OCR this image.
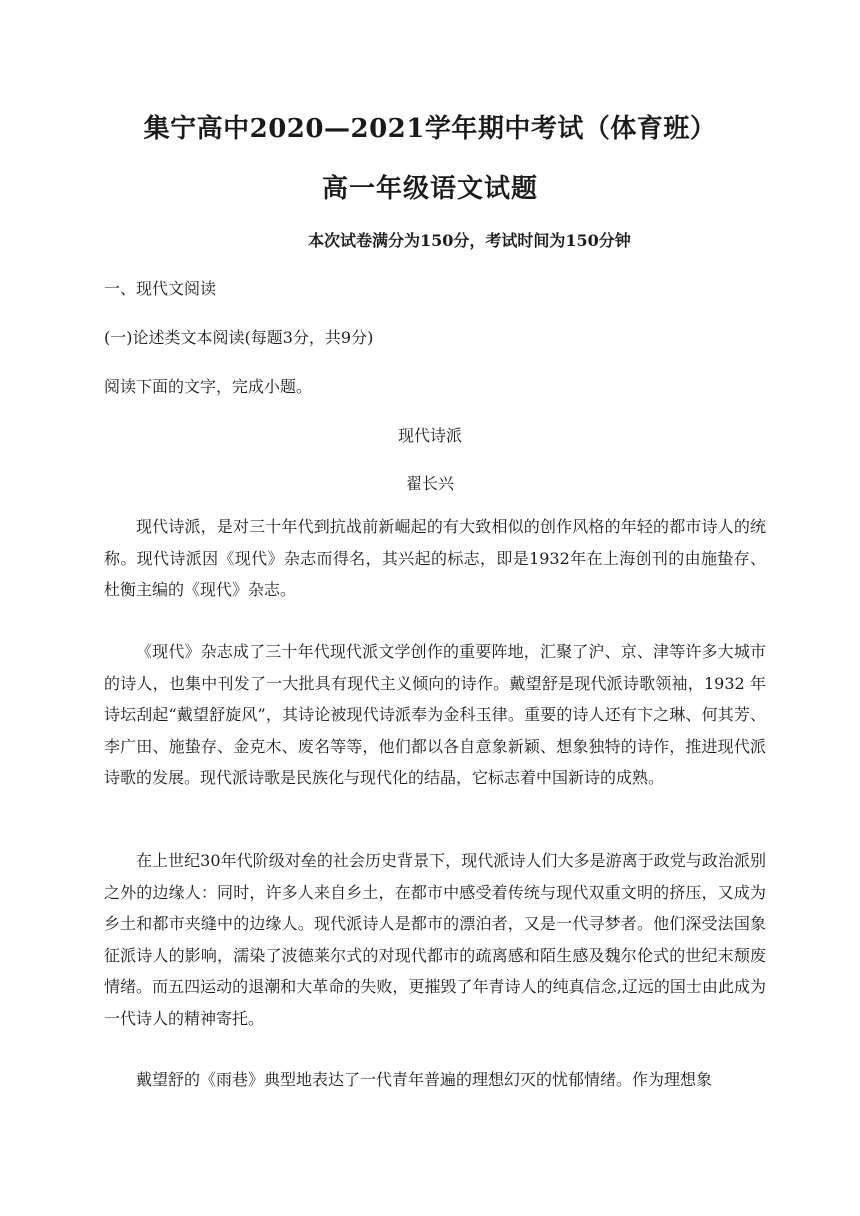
集宁高中2020—2021学年期中考试（体育班）
高一年级语文试题
本次试卷满分为150分，考试时间为150分钟
一、现代文阅读
(一)论述类文本阅读(每题3分，共9分)
阅读下面的文字，完成小题。
现代诗派
翟长兴
现代诗派，是对三十年代到抗战前新崛起的有大致相似的创作风格的年轻的都市诗人的统称。现代诗派因《现代》杂志而得名，其兴起的标志，即是1932年在上海创刊的由施蛰存、杜衡主编的《现代》杂志。
《现代》杂志成了三十年代现代派文学创作的重要阵地，汇聚了沪、京、津等许多大城市的诗人，也集中刊发了一大批具有现代主义倾向的诗作。戴望舒是现代派诗歌领袖，1932 年诗坛刮起“戴望舒旋风”，其诗论被现代诗派奉为金科玉律。重要的诗人还有卞之琳、何其芳、李广田、施蛰存、金克木、废名等等，他们都以各自意象新颖、想象独特的诗作，推进现代派诗歌的发展。现代派诗歌是民族化与现代化的结晶，它标志着中国新诗的成熟。
在上世纪30年代阶级对垒的社会历史背景下，现代派诗人们大多是游离于政党与政治派别之外的边缘人：同时，许多人来自乡土，在都市中感受着传统与现代双重文明的挤压，又成为乡土和都市夹缝中的边缘人。现代派诗人是都市的漂泊者，又是一代寻梦者。他们深受法国象征派诗人的影响，濡染了波德莱尔式的对现代都市的疏离感和陌生感及魏尔伦式的世纪末颓废情绪。而五四运动的退潮和大革命的失败，更摧毁了年青诗人的纯真信念,辽远的国士由此成为一代诗人的精神寄托。
戴望舒的《雨巷》典型地表达了一代青年普遍的理想幻灭的忧郁情绪。作为理想象
